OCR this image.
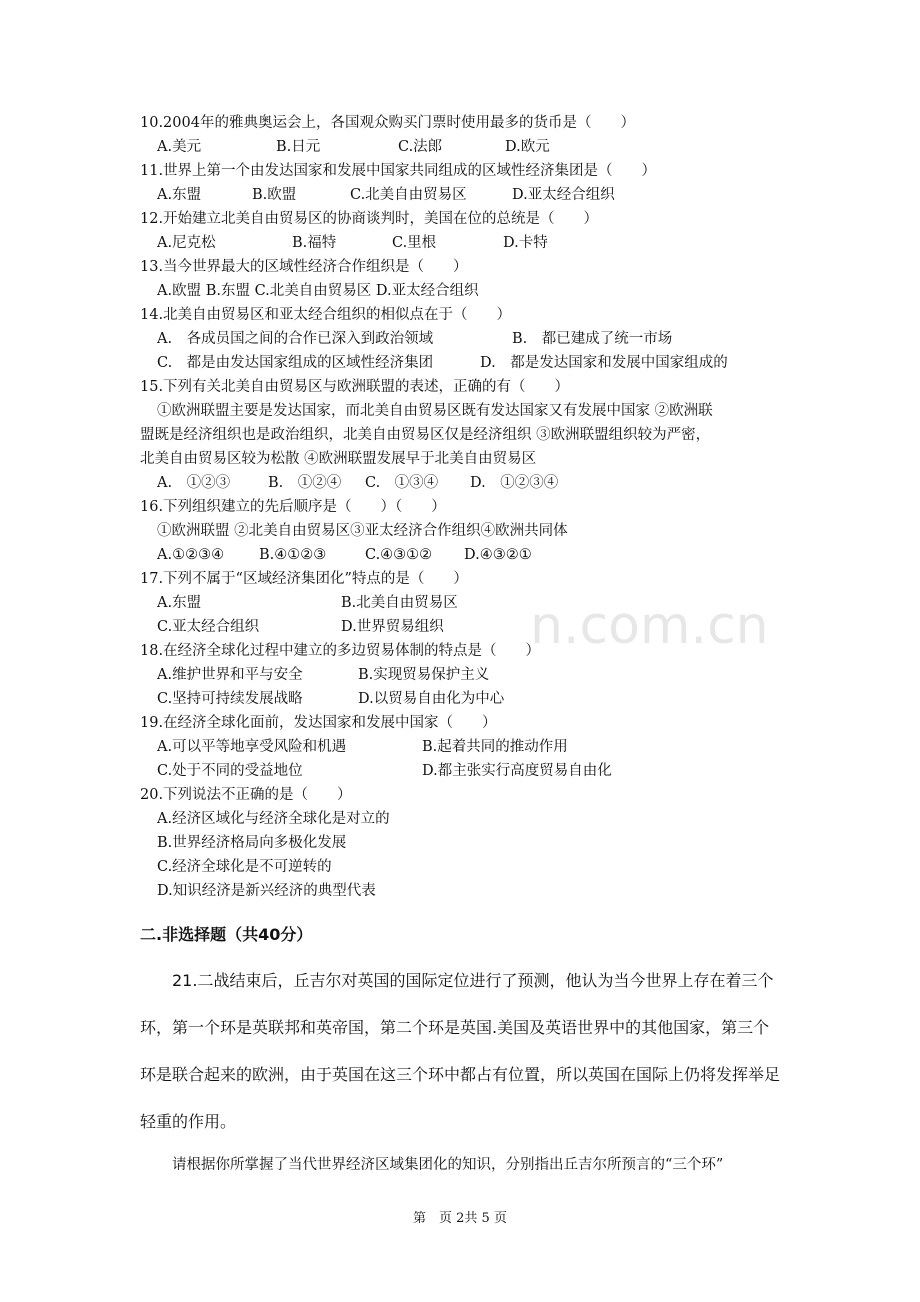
10.2004年的雅典奥运会上，各国观众购买门票时使用最多的货币是（　　）
A.美元	B.日元	C.法郎	D.欧元
11.世界上第一个由发达国家和发展中国家共同组成的区域性经济集团是（　　）
A.东盟	B.欧盟	C.北美自由贸易区	D.亚太经合组织
12.开始建立北美自由贸易区的协商谈判时，美国在位的总统是（　　）
A.尼克松	B.福特	C.里根	D.卡特
13.当今世界最大的区域性经济合作组织是（　　）
A.欧盟 B.东盟 C.北美自由贸易区 D.亚太经合组织
14.北美自由贸易区和亚太经合组织的相似点在于（　　）
A.　各成员国之间的合作已深入到政治领域	B.　都已建成了统一市场
C.　都是由发达国家组成的区域性经济集团	D.　都是发达国家和发展中国家组成的
15.下列有关北美自由贸易区与欧洲联盟的表述，正确的有（　　）
①欧洲联盟主要是发达国家，而北美自由贸易区既有发达国家又有发展中国家 ②欧洲联
盟既是经济组织也是政治组织，北美自由贸易区仅是经济组织 ③欧洲联盟组织较为严密，
北美自由贸易区较为松散 ④欧洲联盟发展早于北美自由贸易区
A.　①②③	B.　①②④ C.　①③④ D.　①②③④
16.下列组织建立的先后顺序是（　　）（　　）
①欧洲联盟 ②北美自由贸易区③亚太经济合作组织④欧洲共同体
A.①②③④ B.④①②③	C.④③①② D.④③②①
17.下列不属于“区域经济集团化”特点的是（　　）
A.东盟	B.北美自由贸易区
C.亚太经合组织	D.世界贸易组织
18.在经济全球化过程中建立的多边贸易体制的特点是（　　）
A.维护世界和平与安全	B.实现贸易保护主义
C.坚持可持续发展战略	D.以贸易自由化为中心
19.在经济全球化面前，发达国家和发展中国家（　　）
A.可以平等地享受风险和机遇	B.起着共同的推动作用
C.处于不同的受益地位	D.都主张实行高度贸易自由化
20.下列说法不正确的是（　　）
A.经济区域化与经济全球化是对立的
B.世界经济格局向多极化发展
C.经济全球化是不可逆转的
D.知识经济是新兴经济的典型代表
二.非选择题（共40分）
21.二战结束后，丘吉尔对英国的国际定位进行了预测，他认为当今世界上存在着三个
环，第一个环是英联邦和英帝国，第二个环是英国.美国及英语世界中的其他国家，第三个
环是联合起来的欧洲，由于英国在这三个环中都占有位置，所以英国在国际上仍将发挥举足
轻重的作用。
请根据你所掌握了当代世界经济区域集团化的知识，分别指出丘吉尔所预言的“三个环”
n.com.cn
第　页 2共 5 页
